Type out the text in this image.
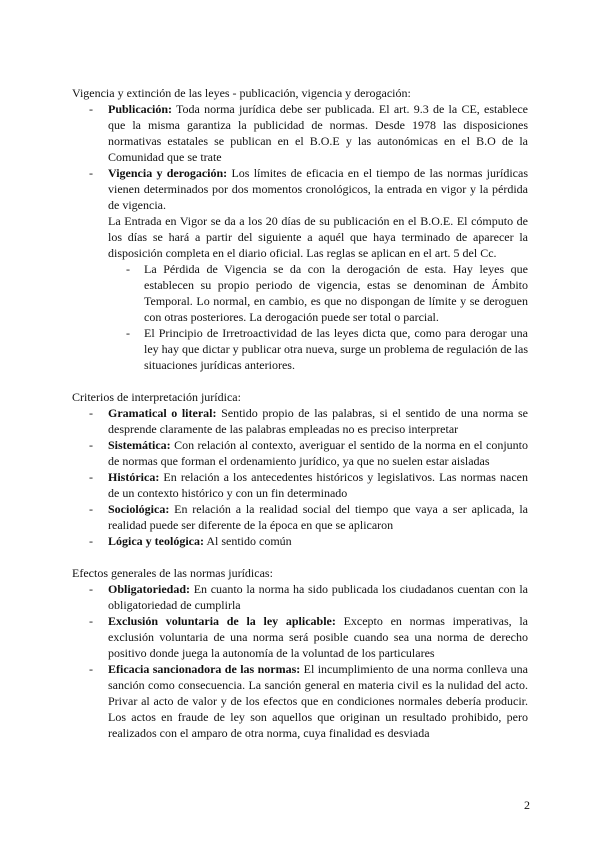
Vigencia y extinción de las leyes - publicación, vigencia y derogación:

- Publicación: Toda norma jurídica debe ser publicada. El art. 9.3 de la CE, establece que la misma garantiza la publicidad de normas. Desde 1978 las disposiciones normativas estatales se publican en el B.O.E y las autonómicas en el B.O de la Comunidad que se trate
- Vigencia y derogación: Los límites de eficacia en el tiempo de las normas jurídicas vienen determinados por dos momentos cronológicos, la entrada en vigor y la pérdida de vigencia.

La Entrada en Vigor se da a los 20 días de su publicación en el B.O.E. El cómputo de los días se hará a partir del siguiente a aquél que haya terminado de aparecer la disposición completa en el diario oficial. Las reglas se aplican en el art. 5 del Cc.

- La Pérdida de Vigencia se da con la derogación de esta. Hay leyes que establecen su propio periodo de vigencia, estas se denominan de Ámbito Temporal. Lo normal, en cambio, es que no dispongan de límite y se deroguen con otras posteriores. La derogación puede ser total o parcial.
- El Principio de Irretroactividad de las leyes dicta que, como para derogar una ley hay que dictar y publicar otra nueva, surge un problema de regulación de las situaciones jurídicas anteriores.

Criterios de interpretación jurídica:

- Gramatical o literal: Sentido propio de las palabras, si el sentido de una norma se desprende claramente de las palabras empleadas no es preciso interpretar
- Sistemática: Con relación al contexto, averiguar el sentido de la norma en el conjunto de normas que forman el ordenamiento jurídico, ya que no suelen estar aisladas
- Histórica: En relación a los antecedentes históricos y legislativos. Las normas nacen de un contexto histórico y con un fin determinado
- Sociológica: En relación a la realidad social del tiempo que vaya a ser aplicada, la realidad puede ser diferente de la época en que se aplicaron
- Lógica y teológica: Al sentido común

Efectos generales de las normas jurídicas:

- Obligatoriedad: En cuanto la norma ha sido publicada los ciudadanos cuentan con la obligatoriedad de cumplirla
- Exclusión voluntaria de la ley aplicable: Excepto en normas imperativas, la exclusión voluntaria de una norma será posible cuando sea una norma de derecho positivo donde juega la autonomía de la voluntad de los particulares
- Eficacia sancionadora de las normas: El incumplimiento de una norma conlleva una sanción como consecuencia. La sanción general en materia civil es la nulidad del acto. Privar al acto de valor y de los efectos que en condiciones normales debería producir. Los actos en fraude de ley son aquellos que originan un resultado prohibido, pero realizados con el amparo de otra norma, cuya finalidad es desviada
2
